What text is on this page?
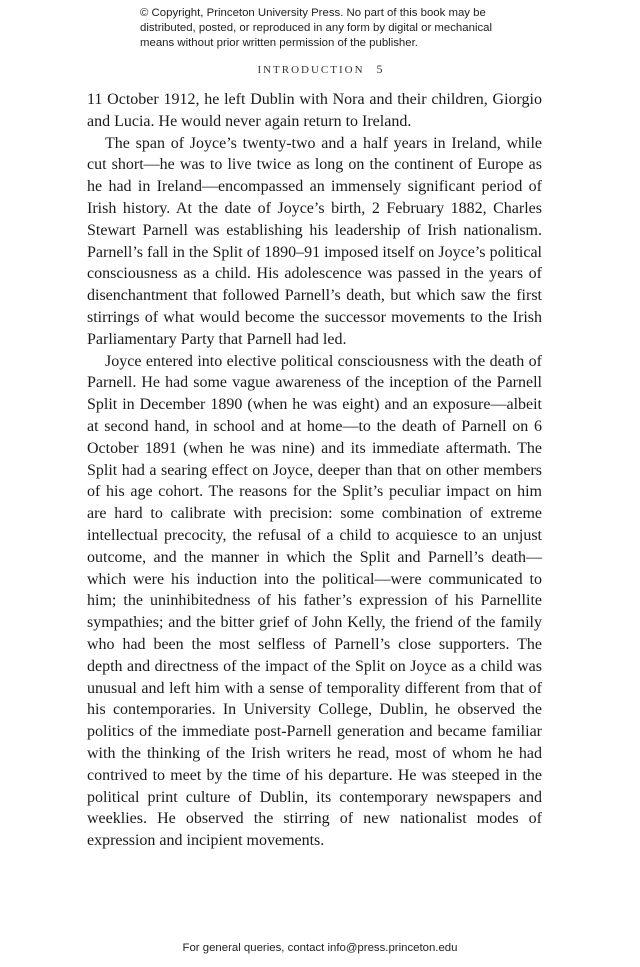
© Copyright, Princeton University Press. No part of this book may be
distributed, posted, or reproduced in any form by digital or mechanical
means without prior written permission of the publisher.
INTRODUCTION 5

11 October 1912, he left Dublin with Nora and their children, Giorgio and Lucia. He would never again return to Ireland.

The span of Joyce’s twenty-two and a half years in Ireland, while cut short—he was to live twice as long on the continent of Europe as he had in Ireland—encompassed an immensely significant period of Irish history. At the date of Joyce’s birth, 2 February 1882, Charles Stewart Parnell was establishing his leadership of Irish nationalism. Parnell’s fall in the Split of 1890–91 imposed itself on Joyce’s political consciousness as a child. His adolescence was passed in the years of disenchantment that followed Parnell’s death, but which saw the first stirrings of what would become the successor movements to the Irish Parliamentary Party that Parnell had led.

Joyce entered into elective political consciousness with the death of Parnell. He had some vague awareness of the inception of the Parnell Split in December 1890 (when he was eight) and an exposure—albeit at second hand, in school and at home—to the death of Parnell on 6 October 1891 (when he was nine) and its immediate aftermath. The Split had a searing effect on Joyce, deeper than that on other members of his age cohort. The reasons for the Split’s peculiar impact on him are hard to calibrate with precision: some combination of extreme intellectual precocity, the refusal of a child to acquiesce to an unjust outcome, and the manner in which the Split and Parnell’s death—which were his induction into the political—were communicated to him; the uninhibitedness of his father’s expression of his Parnellite sympathies; and the bitter grief of John Kelly, the friend of the family who had been the most selfless of Parnell’s close supporters. The depth and directness of the impact of the Split on Joyce as a child was unusual and left him with a sense of temporality different from that of his contemporaries. In University College, Dublin, he observed the politics of the immediate post-Parnell generation and became familiar with the thinking of the Irish writers he read, most of whom he had contrived to meet by the time of his departure. He was steeped in the political print culture of Dublin, its contemporary newspapers and weeklies. He observed the stirring of new nationalist modes of expression and incipient movements.

For general queries, contact info@press.princeton.edu
